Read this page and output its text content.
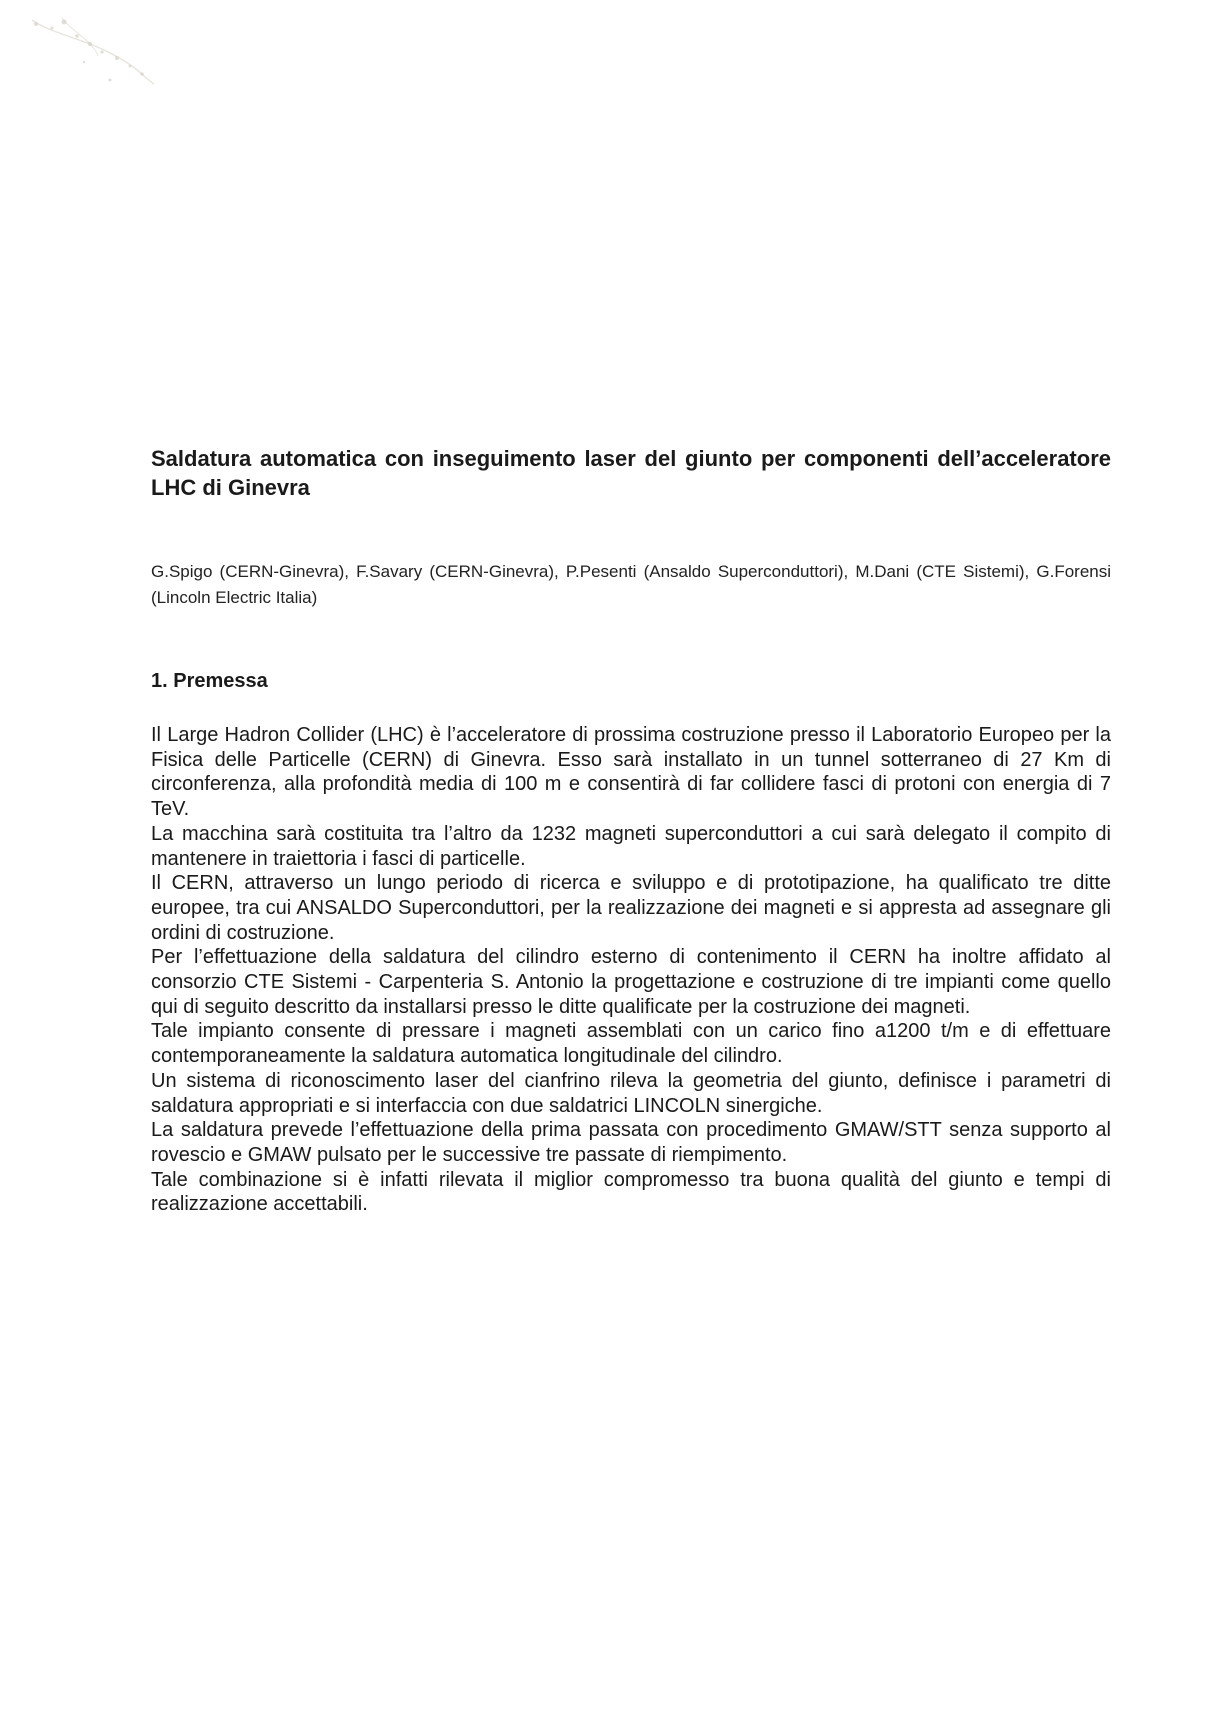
Saldatura automatica con inseguimento laser del giunto per componenti dell’acceleratore LHC di Ginevra

G.Spigo (CERN-Ginevra), F.Savary (CERN-Ginevra), P.Pesenti (Ansaldo Superconduttori), M.Dani (CTE Sistemi), G.Forensi (Lincoln Electric Italia)

1. Premessa

Il Large Hadron Collider (LHC) è l’acceleratore di prossima costruzione presso il Laboratorio Europeo per la Fisica delle Particelle (CERN) di Ginevra. Esso sarà installato in un tunnel sotterraneo di 27 Km di circonferenza, alla profondità media di 100 m e consentirà di far collidere fasci di protoni con energia di 7 TeV.

La macchina sarà costituita tra l’altro da 1232 magneti superconduttori a cui sarà delegato il compito di mantenere in traiettoria i fasci di particelle.

Il CERN, attraverso un lungo periodo di ricerca e sviluppo e di prototipazione, ha qualificato tre ditte europee, tra cui ANSALDO Superconduttori, per la realizzazione dei magneti e si appresta ad assegnare gli ordini di costruzione.

Per l’effettuazione della saldatura del cilindro esterno di contenimento il CERN ha inoltre affidato al consorzio CTE Sistemi - Carpenteria S. Antonio la progettazione e costruzione di tre impianti come quello qui di seguito descritto da installarsi presso le ditte qualificate per la costruzione dei magneti.

Tale impianto consente di pressare i magneti assemblati con un carico fino a1200 t/m e di effettuare contemporaneamente la saldatura automatica longitudinale del cilindro.

Un sistema di riconoscimento laser del cianfrino rileva la geometria del giunto, definisce i parametri di saldatura appropriati e si interfaccia con due saldatrici LINCOLN sinergiche.

La saldatura prevede l’effettuazione della prima passata con procedimento GMAW/STT senza supporto al rovescio e GMAW pulsato per le successive tre passate di riempimento.

Tale combinazione si è infatti rilevata il miglior compromesso tra buona qualità del giunto e tempi di realizzazione accettabili.
